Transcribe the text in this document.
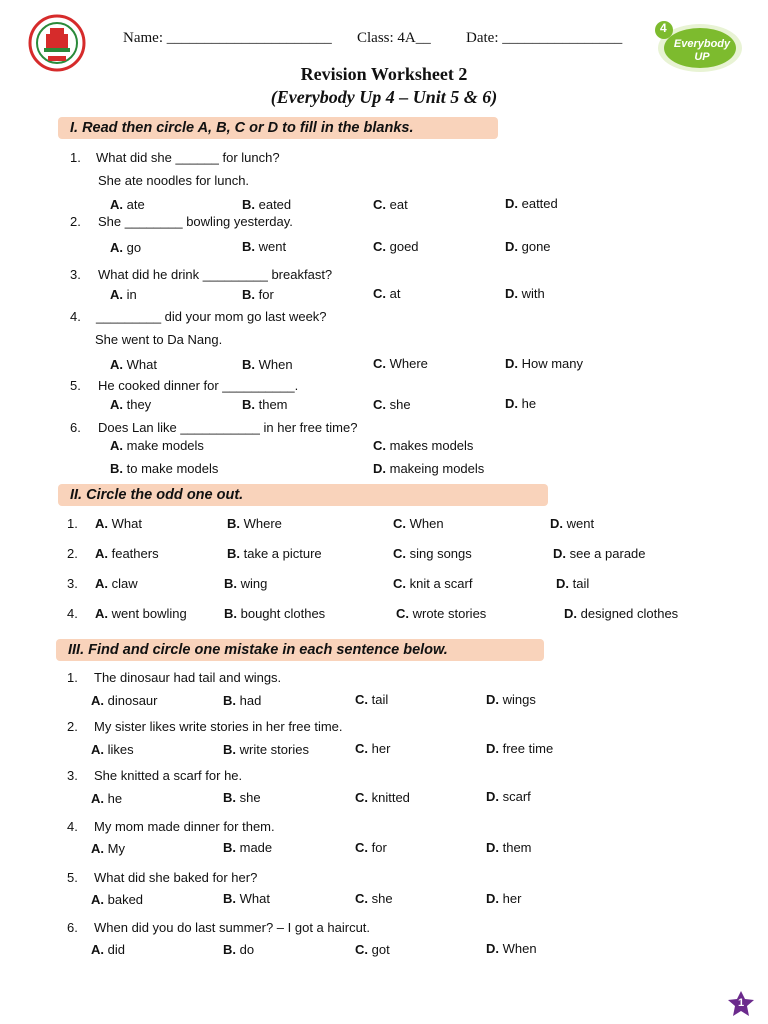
Name: ______________________ Class: 4A__ Date: ________________
4
Everybody UP
Revision Worksheet 2
(Everybody Up 4 – Unit 5 & 6)
I. Read then circle A, B, C or D to fill in the blanks.
1. What did she ______ for lunch?
She ate noodles for lunch.
A. ate	B. eated	C. eat	D. eatted
2. She ________ bowling yesterday.
A. go	B. went	C. goed	D. gone
3. What did he drink _________ breakfast?
A. in	B. for	C. at	D. with
4. _________ did your mom go last week?
She went to Da Nang.
A. What	B. When	C. Where	D. How many
5. He cooked dinner for __________.
A. they	B. them	C. she	D. he
6. Does Lan like ___________ in her free time?
A. make models	C. makes models
B. to make models	D. makeing models
II. Circle the odd one out.
1. A. What	B. Where	C. When	D. went
2. A. feathers	B. take a picture	C. sing songs	D. see a parade
3. A. claw	B. wing	C. knit a scarf	D. tail
4. A. went bowling	B. bought clothes	C. wrote stories	D. designed clothes
III. Find and circle one mistake in each sentence below.
1. The dinosaur had tail and wings.
A. dinosaur	B. had	C. tail	D. wings
2. My sister likes write stories in her free time.
A. likes	B. write stories	C. her	D. free time
3. She knitted a scarf for he.
A. he	B. she	C. knitted	D. scarf
4. My mom made dinner for them.
A. My	B. made	C. for	D. them
5. What did she baked for her?
A. baked	B. What	C. she	D. her
6. When did you do last summer? – I got a haircut.
A. did	B. do	C. got	D. When
1
